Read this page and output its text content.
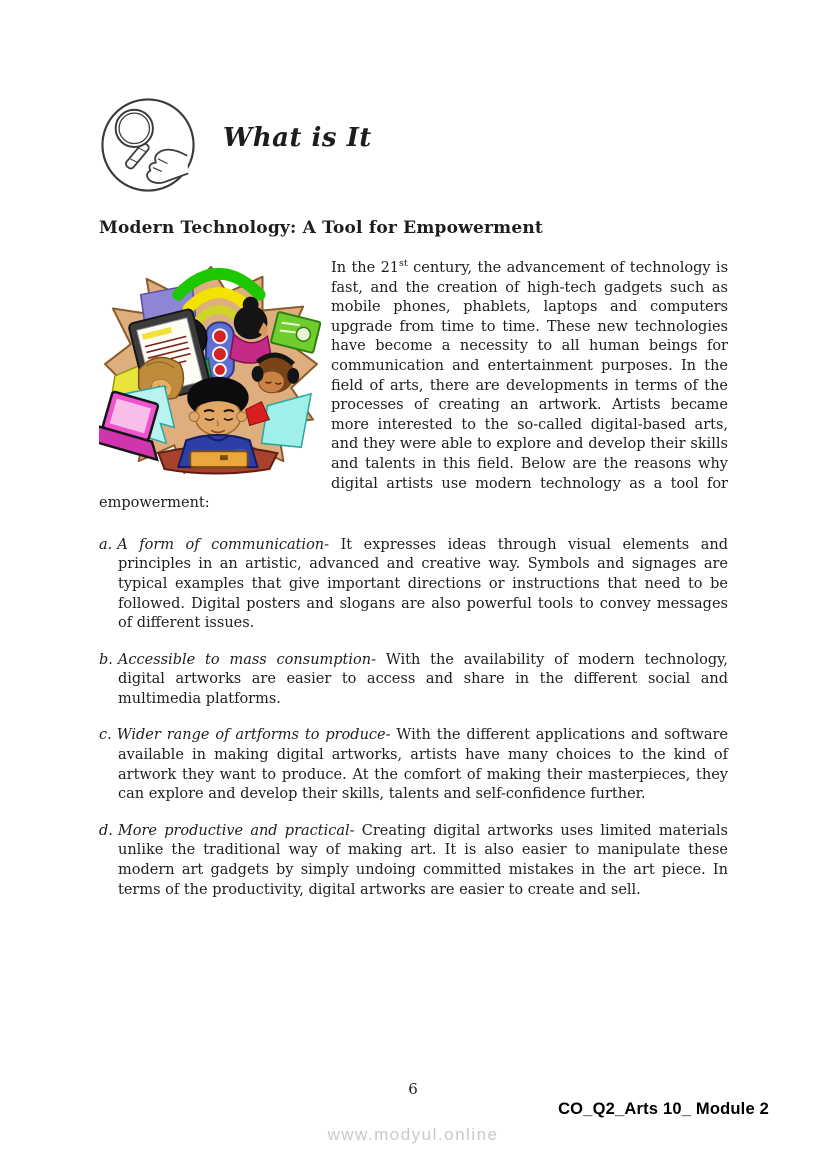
What is It
Modern Technology: A Tool for Empowerment

In the 21st century, the advancement of technology is fast, and the creation of high-tech gadgets such as mobile phones, phablets, laptops and computers upgrade from time to time. These new technologies have become a necessity to all human beings for communication and entertainment purposes. In the field of arts, there are developments in terms of the processes of creating an artwork. Artists became more interested to the so-called digital-based arts, and they were able to explore and develop their skills and talents in this field. Below are the reasons why digital artists use modern technology as a tool for empowerment:

a. A form of communication- It expresses ideas through visual elements and principles in an artistic, advanced and creative way. Symbols and signages are typical examples that give important directions or instructions that need to be followed. Digital posters and slogans are also powerful tools to convey messages of different issues.

b. Accessible to mass consumption- With the availability of modern technology, digital artworks are easier to access and share in the different social and multimedia platforms.

c. Wider range of artforms to produce- With the different applications and software available in making digital artworks, artists have many choices to the kind of artwork they want to produce. At the comfort of making their masterpieces, they can explore and develop their skills, talents and self-confidence further.

d. More productive and practical- Creating digital artworks uses limited materials unlike the traditional way of making art. It is also easier to manipulate these modern art gadgets by simply undoing committed mistakes in the art piece. In terms of the productivity, digital artworks are easier to create and sell.

6
CO_Q2_Arts 10_ Module 2
www.modyul.online
